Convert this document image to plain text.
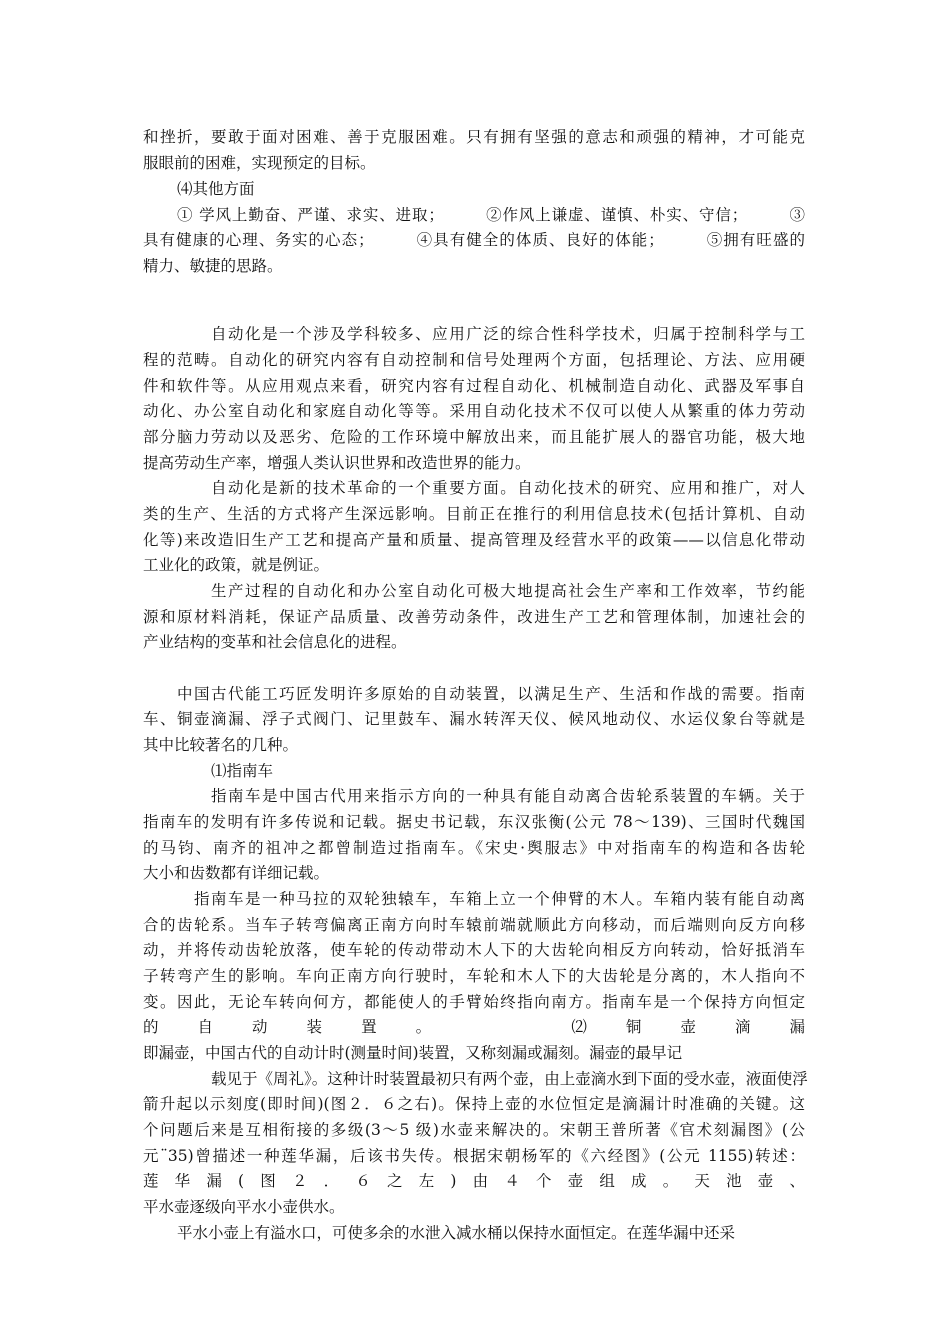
和挫折，要敢于面对困难、善于克服困难。只有拥有坚强的意志和顽强的精神，才可能克
服眼前的困难，实现预定的目标。
⑷其他方面
① 学风上勤奋、严谨、求实、进取；　　　②作风上谦虚、谨慎、朴实、守信；　　　③
具有健康的心理、务实的心态；　　　④具有健全的体质、良好的体能；　　　⑤拥有旺盛的
精力、敏捷的思路。
自动化是一个涉及学科较多、应用广泛的综合性科学技术，归属于控制科学与工
程的范畴。自动化的研究内容有自动控制和信号处理两个方面，包括理论、方法、应用硬
件和软件等。从应用观点来看，研究内容有过程自动化、机械制造自动化、武器及军事自
动化、办公室自动化和家庭自动化等等。采用自动化技术不仅可以使人从繁重的体力劳动
部分脑力劳动以及恶劣、危险的工作环境中解放出来，而且能扩展人的器官功能，极大地
提高劳动生产率，增强人类认识世界和改造世界的能力。
自动化是新的技术革命的一个重要方面。自动化技术的研究、应用和推广，对人
类的生产、生活的方式将产生深远影响。目前正在推行的利用信息技术(包括计算机、自动
化等)来改造旧生产工艺和提高产量和质量、提高管理及经营水平的政策——以信息化带动
工业化的政策，就是例证。
生产过程的自动化和办公室自动化可极大地提高社会生产率和工作效率，节约能
源和原材料消耗，保证产品质量、改善劳动条件，改进生产工艺和管理体制，加速社会的
产业结构的变革和社会信息化的进程。
中国古代能工巧匠发明许多原始的自动装置，以满足生产、生活和作战的需要。指南
车、铜壶滴漏、浮子式阀门、记里鼓车、漏水转浑天仪、候风地动仪、水运仪象台等就是
其中比较著名的几种。
⑴指南车
指南车是中国古代用来指示方向的一种具有能自动离合齿轮系装置的车辆。关于
指南车的发明有许多传说和记载。据史书记载，东汉张衡(公元 78～139)、三国时代魏国
的马钧、南齐的祖冲之都曾制造过指南车。《宋史·舆服志》中对指南车的构造和各齿轮
大小和齿数都有详细记载。
指南车是一种马拉的双轮独辕车，车箱上立一个伸臂的木人。车箱内装有能自动离
合的齿轮系。当车子转弯偏离正南方向时车辕前端就顺此方向移动，而后端则向反方向移
动，并将传动齿轮放落，使车轮的传动带动木人下的大齿轮向相反方向转动，恰好抵消车
子转弯产生的影响。车向正南方向行驶时，车轮和木人下的大齿轮是分离的，木人指向不
变。因此，无论车转向何方，都能使人的手臂始终指向南方。指南车是一个保持方向恒定
的自动装置。　　⑵铜壶滴漏
即漏壶，中国古代的自动计时(测量时间)装置，又称刻漏或漏刻。漏壶的最早记
载见于《周礼》。这种计时装置最初只有两个壶，由上壶滴水到下面的受水壶，液面使浮
箭升起以示刻度(即时间)(图２．６之右)。保持上壶的水位恒定是滴漏计时准确的关键。这
个问题后来是互相衔接的多级(3～5 级)水壶来解决的。宋朝王普所著《官术刻漏图》(公
元¨35)曾描述一种莲华漏，后该书失传。根据宋朝杨军的《六经图》(公元 1155)转述：
莲华漏(图２．６之左)由４个壶组成。天池壶、
平水壶逐级向平水小壶供水。
平水小壶上有溢水口，可使多余的水泄入减水桶以保持水面恒定。在莲华漏中还采
